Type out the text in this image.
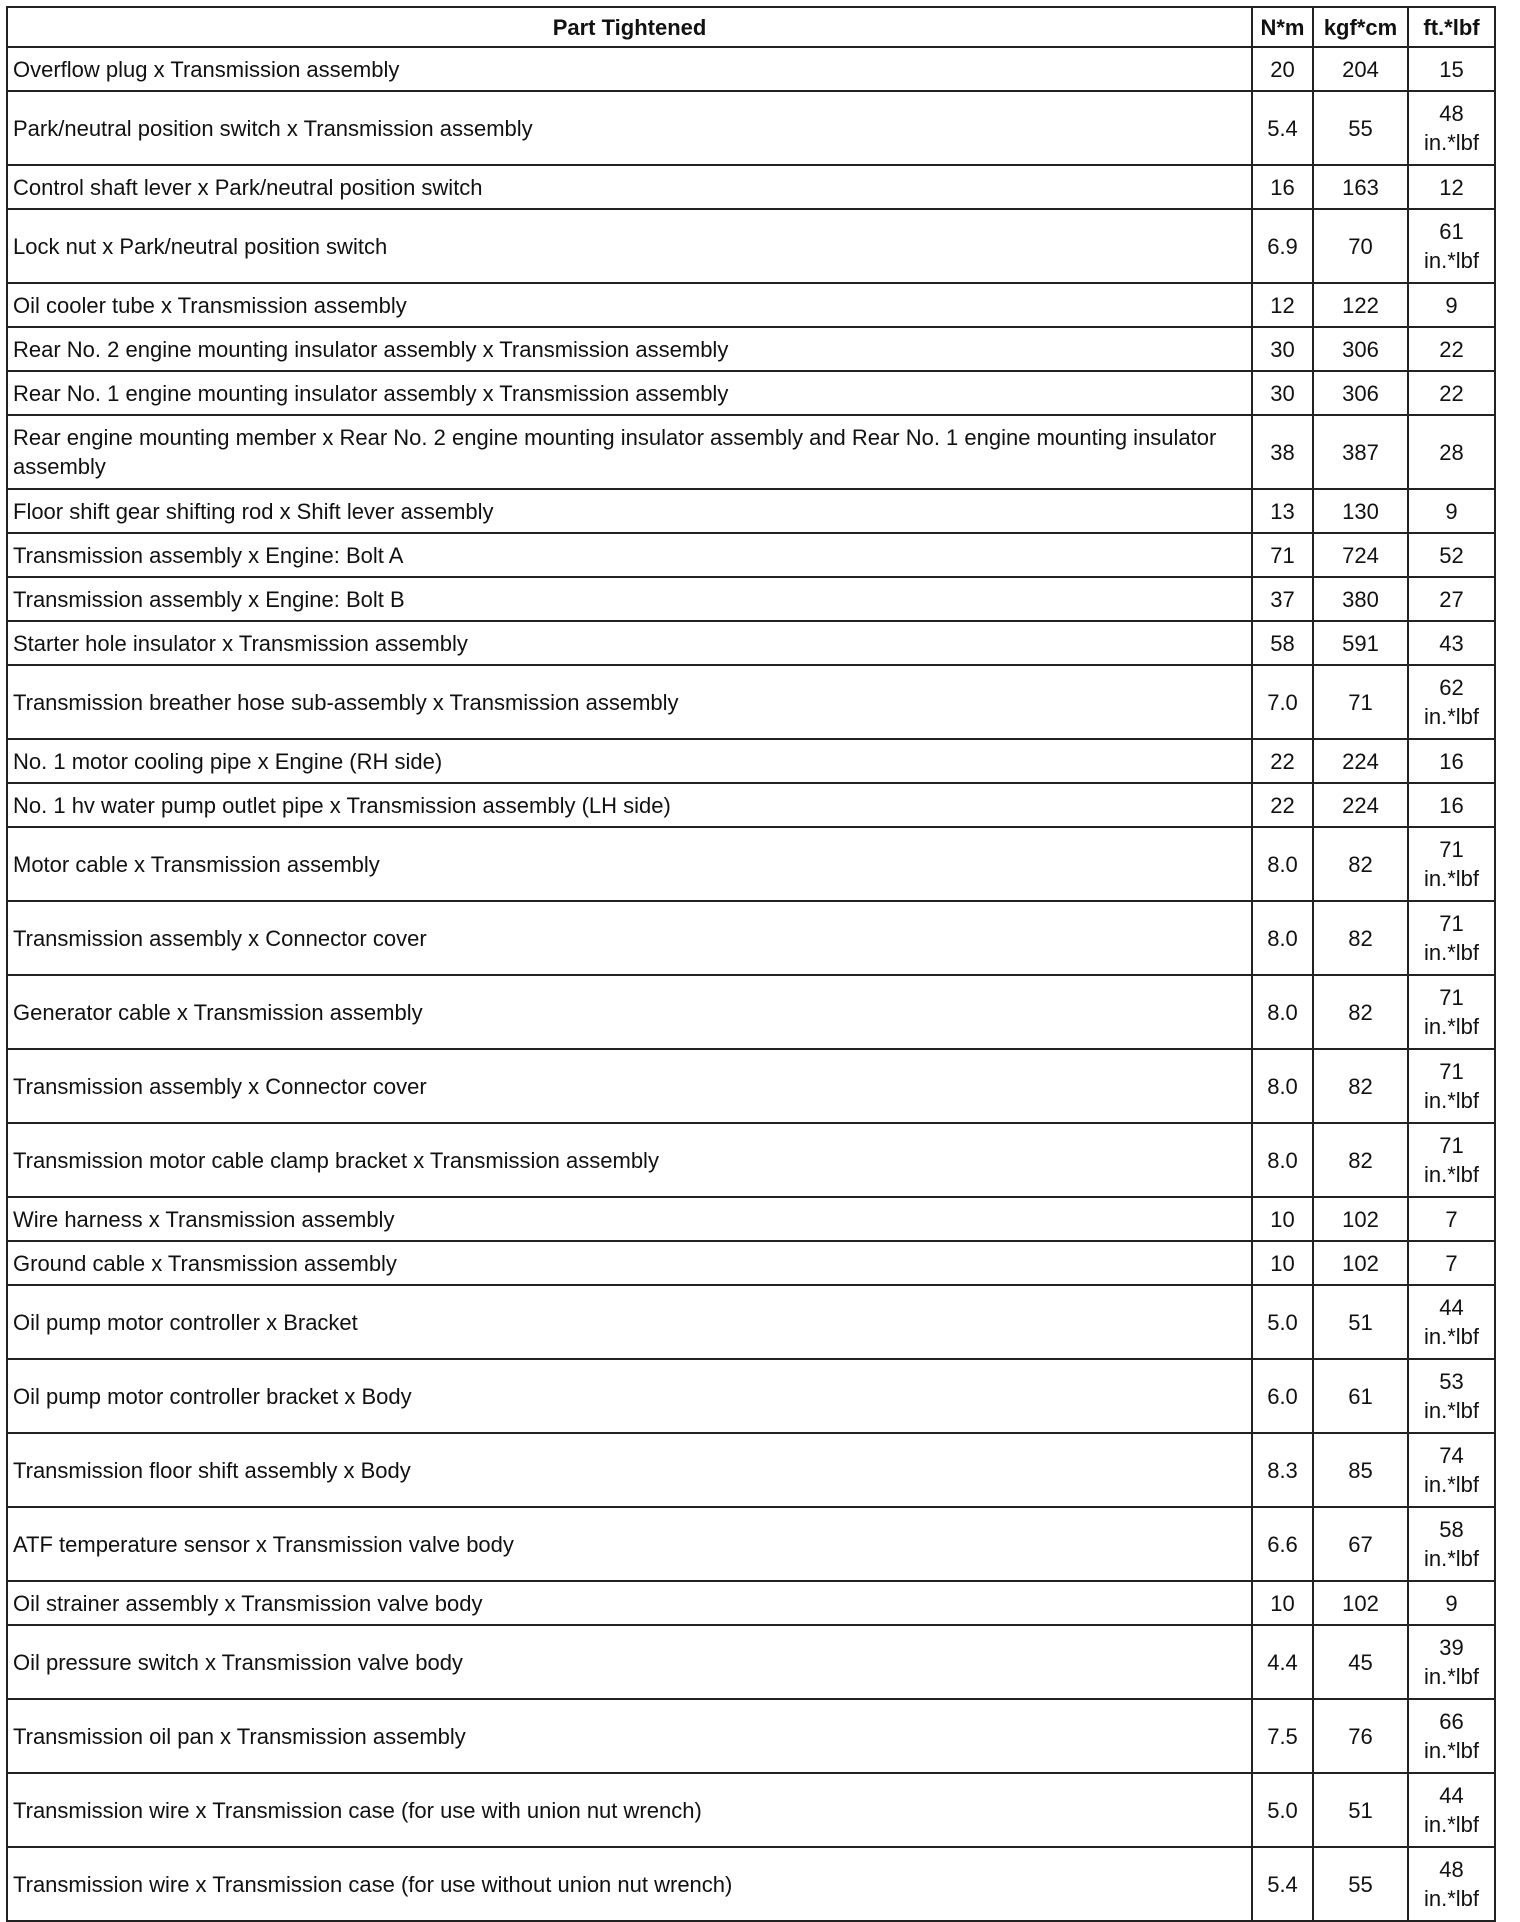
Part Tightened	N*m	kgf*cm	ft.*lbf
Overflow plug x Transmission assembly	20	204	15

Park/neutral position switch x Transmission assembly	5.4	55	48
in.*lbf

Control shaft lever x Park/neutral position switch	16	163	12

Lock nut x Park/neutral position switch	6.9	70	61
in.*lbf

Oil cooler tube x Transmission assembly	12	122	9

Rear No. 2 engine mounting insulator assembly x Transmission assembly	30	306	22

Rear No. 1 engine mounting insulator assembly x Transmission assembly	30	306	22

Rear engine mounting member x Rear No. 2 engine mounting insulator assembly and Rear No. 1 engine mounting insulator assembly	38	387	28

Floor shift gear shifting rod x Shift lever assembly	13	130	9

Transmission assembly x Engine: Bolt A	71	724	52

Transmission assembly x Engine: Bolt B	37	380	27

Starter hole insulator x Transmission assembly	58	591	43

Transmission breather hose sub-assembly x Transmission assembly	7.0	71	62
in.*lbf

No. 1 motor cooling pipe x Engine (RH side)	22	224	16

No. 1 hv water pump outlet pipe x Transmission assembly (LH side)	22	224	16

Motor cable x Transmission assembly	8.0	82	71
in.*lbf

Transmission assembly x Connector cover	8.0	82	71
in.*lbf

Generator cable x Transmission assembly	8.0	82	71
in.*lbf

Transmission assembly x Connector cover	8.0	82	71
in.*lbf

Transmission motor cable clamp bracket x Transmission assembly	8.0	82	71
in.*lbf

Wire harness x Transmission assembly	10	102	7

Ground cable x Transmission assembly	10	102	7

Oil pump motor controller x Bracket	5.0	51	44
in.*lbf

Oil pump motor controller bracket x Body	6.0	61	53
in.*lbf

Transmission floor shift assembly x Body	8.3	85	74
in.*lbf

ATF temperature sensor x Transmission valve body	6.6	67	58
in.*lbf

Oil strainer assembly x Transmission valve body	10	102	9

Oil pressure switch x Transmission valve body	4.4	45	39
in.*lbf

Transmission oil pan x Transmission assembly	7.5	76	66
in.*lbf

Transmission wire x Transmission case (for use with union nut wrench)	5.0	51	44
in.*lbf

Transmission wire x Transmission case (for use without union nut wrench)	5.4	55	48
in.*lbf
